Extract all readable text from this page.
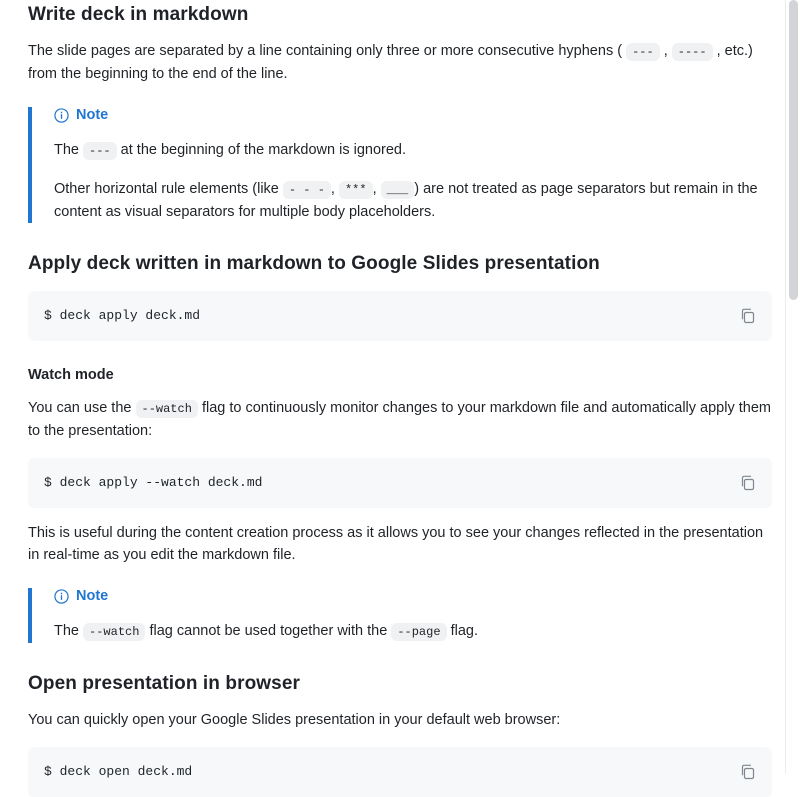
Write deck in markdown

The slide pages are separated by a line containing only three or more consecutive hyphens ( --- , ---- , etc.) from the beginning to the end of the line.

Note

The --- at the beginning of the markdown is ignored.

Other horizontal rule elements (like - - - , *** , ___ ) are not treated as page separators but remain in the content as visual separators for multiple body placeholders.

Apply deck written in markdown to Google Slides presentation
$ deck apply deck.md
Watch mode

You can use the --watch flag to continuously monitor changes to your markdown file and automatically apply them to the presentation:

$ deck apply --watch deck.md

This is useful during the content creation process as it allows you to see your changes reflected in the presentation in real-time as you edit the markdown file.

Note

The --watch flag cannot be used together with the --page flag.

Open presentation in browser

You can quickly open your Google Slides presentation in your default web browser:

$ deck open deck.md
